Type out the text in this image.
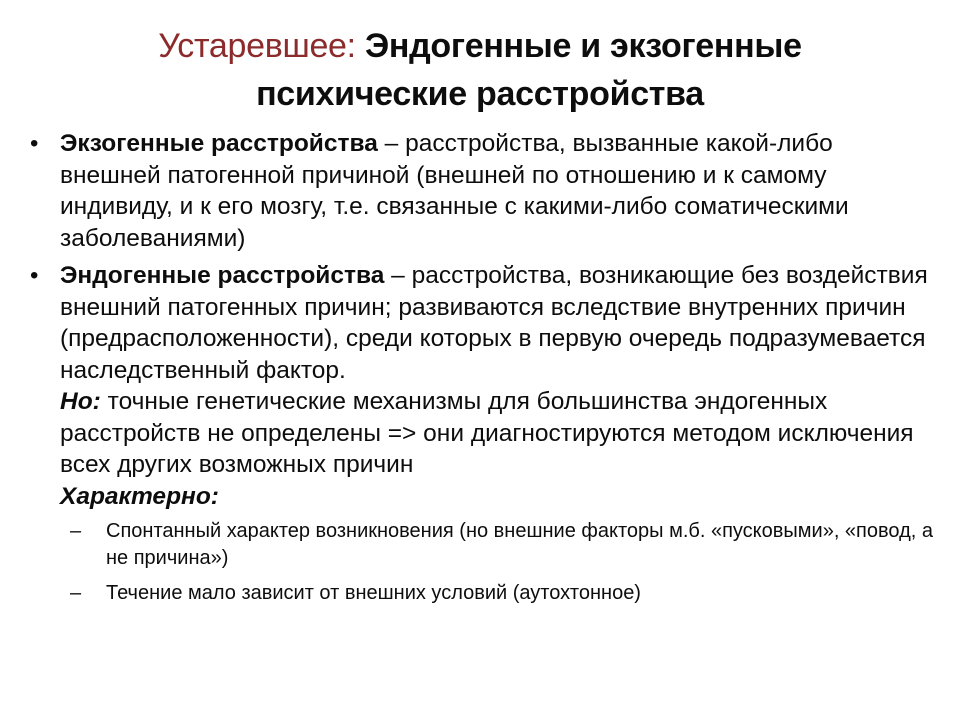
Устаревшее: Эндогенные и экзогенные
психические расстройства
• Экзогенные расстройства – расстройства, вызванные какой-либо внешней патогенной причиной (внешней по отношению и к самому индивиду, и к его мозгу, т.е. связанные с какими-либо соматическими заболеваниями)
• Эндогенные расстройства – расстройства, возникающие без воздействия внешний патогенных причин; развиваются вследствие внутренних причин (предрасположенности), среди которых в первую очередь подразумевается наследственный фактор.
Но: точные генетические механизмы для большинства эндогенных расстройств не определены => они диагностируются методом исключения всех других возможных причин
Характерно:
– Спонтанный характер возникновения (но внешние факторы м.б. «пусковыми», «повод, а не причина»)
– Течение мало зависит от внешних условий (аутохтонное)
